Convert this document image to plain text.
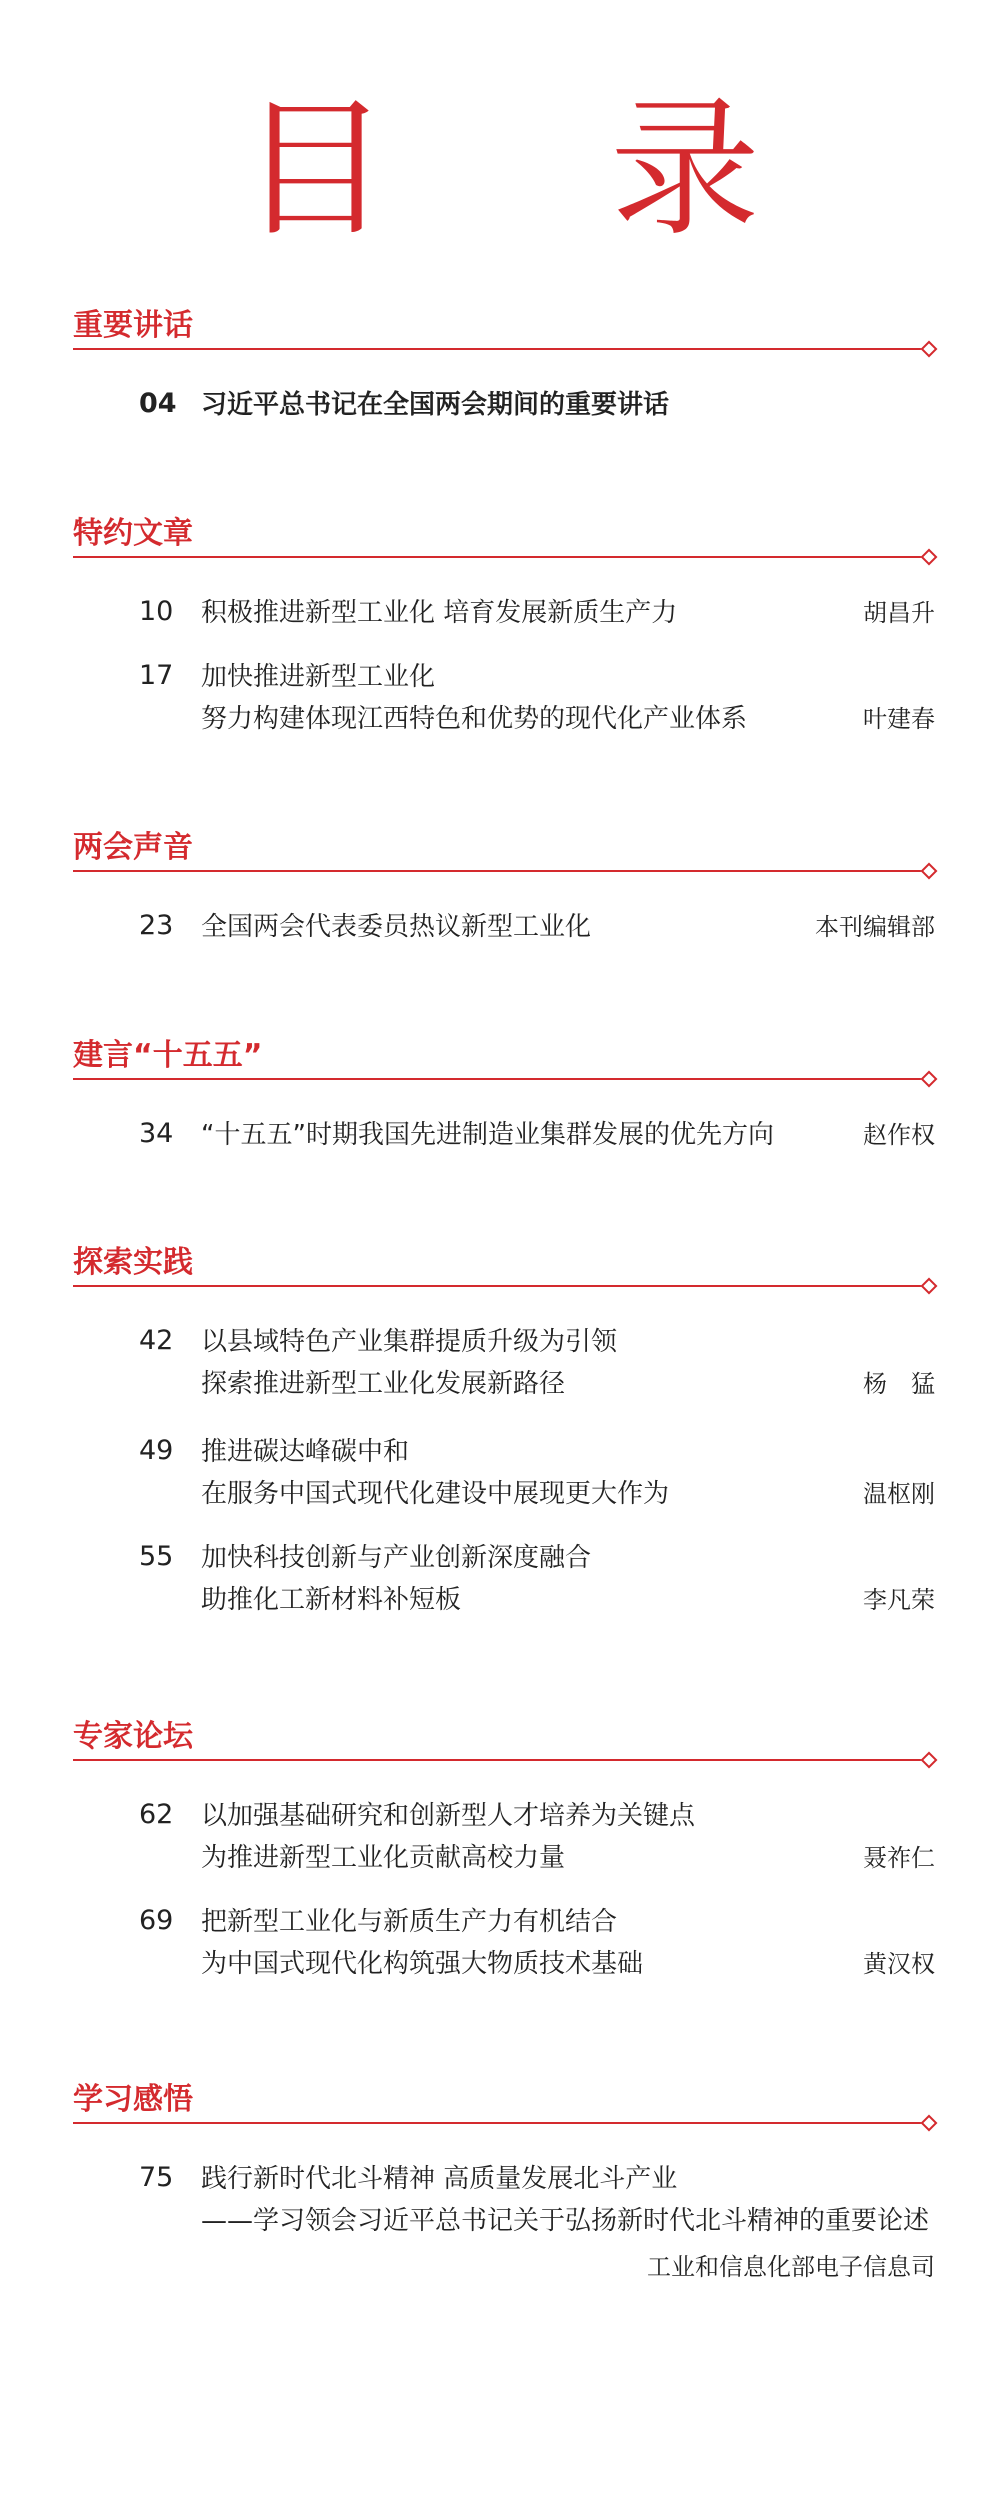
目 录
重要讲话
04 习近平总书记在全国两会期间的重要讲话
特约文章
10	积极推进新型工业化 培育发展新质生产力	胡昌升
17	加快推进新型工业化
努力构建体现江西特色和优势的现代化产业体系	叶建春
两会声音
23	全国两会代表委员热议新型工业化	本刊编辑部
建言“十五五”
34	“十五五”时期我国先进制造业集群发展的优先方向	赵作权
探索实践
42	以县域特色产业集群提质升级为引领
探索推进新型工业化发展新路径	杨　猛
49	推进碳达峰碳中和
在服务中国式现代化建设中展现更大作为	温枢刚
55	加快科技创新与产业创新深度融合
助推化工新材料补短板	李凡荣
专家论坛
62	以加强基础研究和创新型人才培养为关键点
为推进新型工业化贡献高校力量	聂祚仁
69	把新型工业化与新质生产力有机结合
为中国式现代化构筑强大物质技术基础	黄汉权
学习感悟
75	践行新时代北斗精神 高质量发展北斗产业
——学习领会习近平总书记关于弘扬新时代北斗精神的重要论述
工业和信息化部电子信息司
